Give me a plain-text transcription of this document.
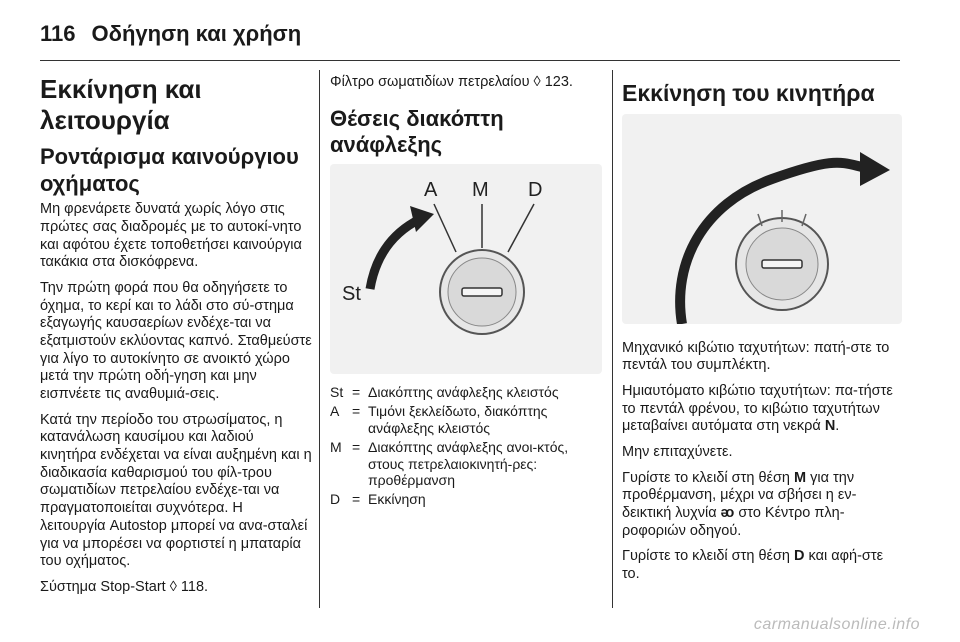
116 Οδήγηση και χρήση
Εκκίνηση και λειτουργία
Ροντάρισμα καινούργιου οχήματος

Μη φρενάρετε δυνατά χωρίς λόγο στις πρώτες σας διαδρομές με το αυτοκί-νητο και αφότου έχετε τοποθετήσει καινούργια τακάκια στα δισκόφρενα.

Την πρώτη φορά που θα οδηγήσετε το όχημα, το κερί και το λάδι στο σύ-στημα εξαγωγής καυσαερίων ενδέχε-ται να εξατμιστούν εκλύοντας καπνό. Σταθμεύστε για λίγο το αυτοκίνητο σε ανοικτό χώρο μετά την πρώτη οδή-γηση και μην εισπνέετε τις αναθυμιά-σεις.

Κατά την περίοδο του στρωσίματος, η κατανάλωση καυσίμου και λαδιού κινητήρα ενδέχεται να είναι αυξημένη και η διαδικασία καθαρισμού του φίλ-τρου σωματιδίων πετρελαίου ενδέχε-ται να πραγματοποιείται συχνότερα. Η λειτουργία Autostop μπορεί να ανα-σταλεί για να μπορέσει να φορτιστεί η μπαταρία του οχήματος.

Σύστημα Stop-Start ◊ 118.

Φίλτρο σωματιδίων πετρελαίου ◊ 123.

Θέσεις διακόπτη ανάφλεξης
A M D
St
St = Διακόπτης ανάφλεξης κλειστός
A = Τιμόνι ξεκλείδωτο, διακόπτης ανάφλεξης κλειστός
M = Διακόπτης ανάφλεξης ανοι-κτός, στους πετρελαιοκινητή-ρες: προθέρμανση
D = Εκκίνηση
Εκκίνηση του κινητήρα

Μηχανικό κιβώτιο ταχυτήτων: πατή-στε το πεντάλ του συμπλέκτη.

Ημιαυτόματο κιβώτιο ταχυτήτων: πα-τήστε το πεντάλ φρένου, το κιβώτιο ταχυτήτων μεταβαίνει αυτόματα στη νεκρά N.

Μην επιταχύνετε.

Γυρίστε το κλειδί στη θέση M για την προθέρμανση, μέχρι να σβήσει η εν-δεικτική λυχνία ᴔ στο Κέντρο πλη-ροφοριών οδηγού.

Γυρίστε το κλειδί στη θέση D και αφή-στε το.

carmanualsonline.info
